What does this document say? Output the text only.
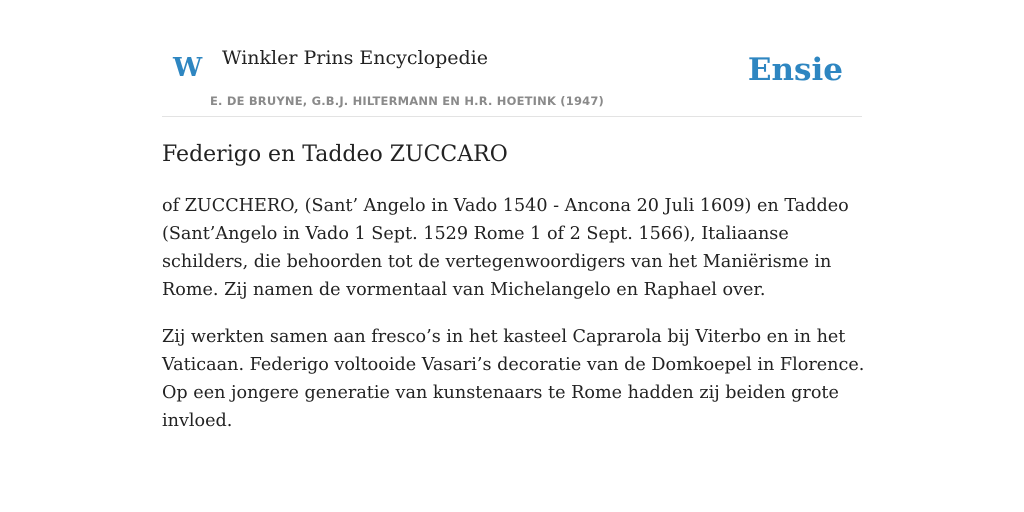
W Winkler Prins Encyclopedie
E. DE BRUYNE, G.B.J. HILTERMANN EN H.R. HOETINK (1947)
Ensie
Federigo en Taddeo ZUCCARO

of ZUCCHERO, (Sant’ Angelo in Vado 1540 - Ancona 20 Juli 1609) en Taddeo (Sant’Angelo in Vado 1 Sept. 1529 Rome 1 of 2 Sept. 1566), Italiaanse schilders, die behoorden tot de vertegenwoordigers van het Maniërisme in Rome. Zij namen de vormentaal van Michelangelo en Raphael over.

Zij werkten samen aan fresco’s in het kasteel Caprarola bij Viterbo en in het Vaticaan. Federigo voltooide Vasari’s decoratie van de Domkoepel in Florence. Op een jongere generatie van kunstenaars te Rome hadden zij beiden grote invloed.
